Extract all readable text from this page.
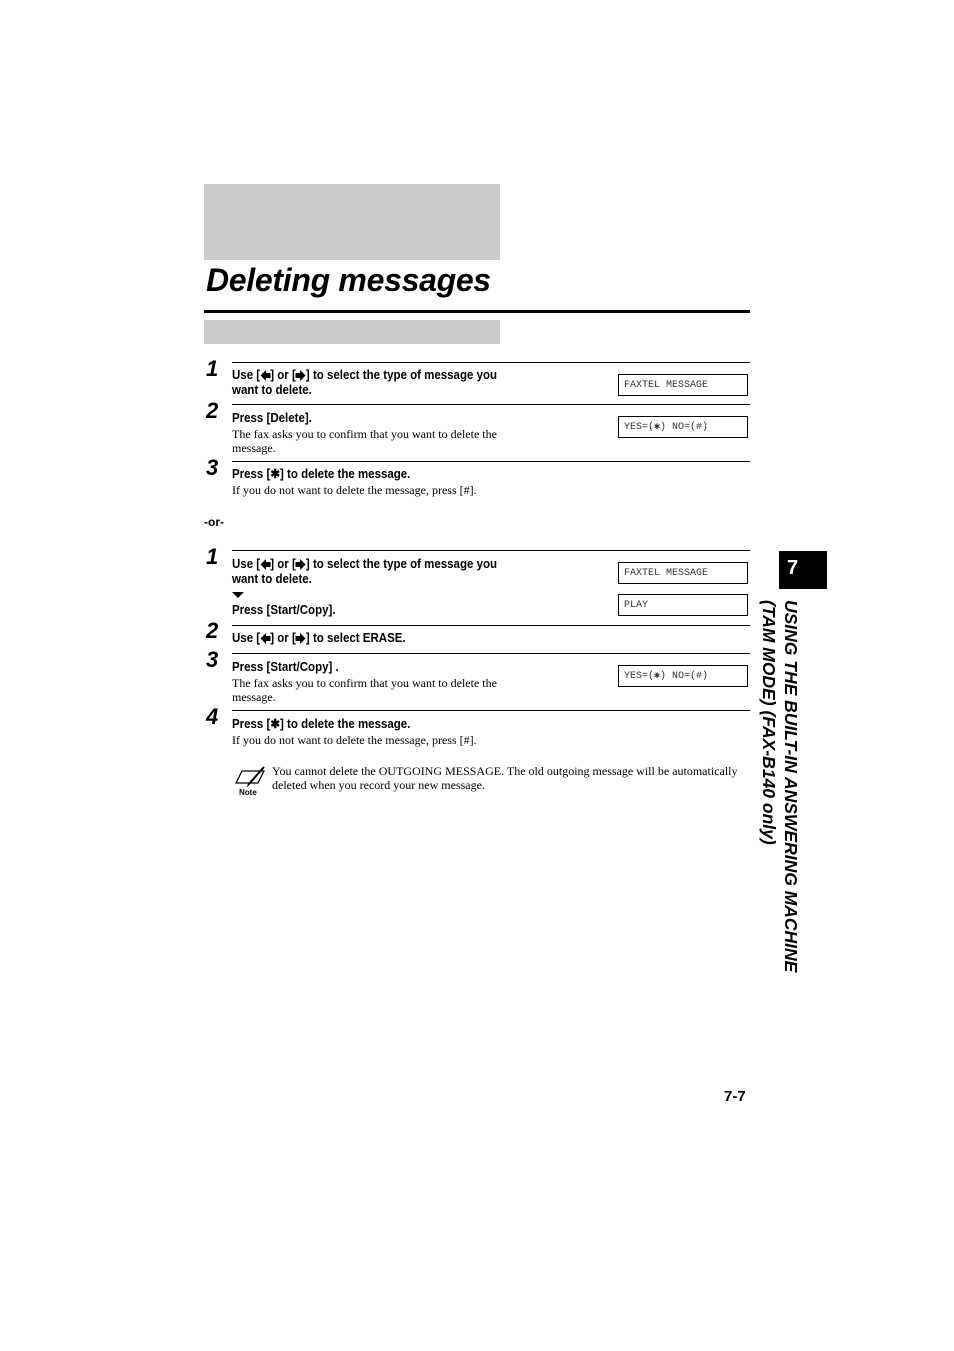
Deleting messages
1 Use [ ] or [ ] to select the type of message you
want to delete.	FAXTEL MESSAGE
2 Press [Delete].
The fax asks you to confirm that you want to delete the message.
YES=(✱) NO=(#)
3 Press [✱] to delete the message.
If you do not want to delete the message, press [#].
-or-
1 Use [ ] or [ ] to select the type of message you
want to delete.	FAXTEL MESSAGE
Press [Start/Copy].	PLAY
2 Use [ ] or [ ] to select ERASE.
3 Press [Start/Copy] .
The fax asks you to confirm that you want to delete the message.
YES=(✱) NO=(#)
4 Press [✱] to delete the message.
If you do not want to delete the message, press [#].
Note
You cannot delete the OUTGOING MESSAGE. The old outgoing message will be automatically deleted when you record your new message.
7
USING THE BUILT-IN ANSWERING MACHINE
(TAM MODE) (FAX-B140 only)
7-7
